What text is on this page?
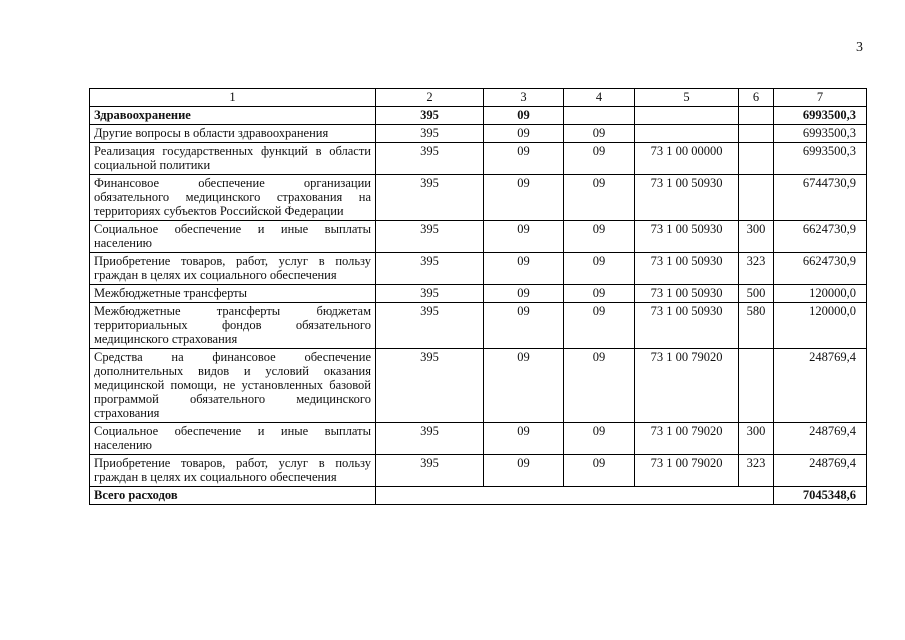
3
1	2	3	4	5	6	7
Здравоохранение	395	09				6993500,3
Другие вопросы в области здравоохранения	395	09	09			6993500,3
Реализация государственных функций в области социальной политики	395	09	09	73 1 00 00000		6993500,3
Финансовое обеспечение организации обязательного медицинского страхования на территориях субъектов Российской Федерации	395	09	09	73 1 00 50930		6744730,9
Социальное обеспечение и иные выплаты населению	395	09	09	73 1 00 50930	300	6624730,9
Приобретение товаров, работ, услуг в пользу граждан в целях их социального обеспечения	395	09	09	73 1 00 50930	323	6624730,9
Межбюджетные трансферты	395	09	09	73 1 00 50930	500	120000,0
Межбюджетные трансферты бюджетам территориальных фондов обязательного медицинского страхования	395	09	09	73 1 00 50930	580	120000,0
Средства на финансовое обеспечение дополнительных видов и условий оказания медицинской помощи, не установленных базовой программой обязательного медицинского страхования	395	09	09	73 1 00 79020		248769,4
Социальное обеспечение и иные выплаты населению	395	09	09	73 1 00 79020	300	248769,4
Приобретение товаров, работ, услуг в пользу граждан в целях их социального обеспечения	395	09	09	73 1 00 79020	323	248769,4
Всего расходов						7045348,6
